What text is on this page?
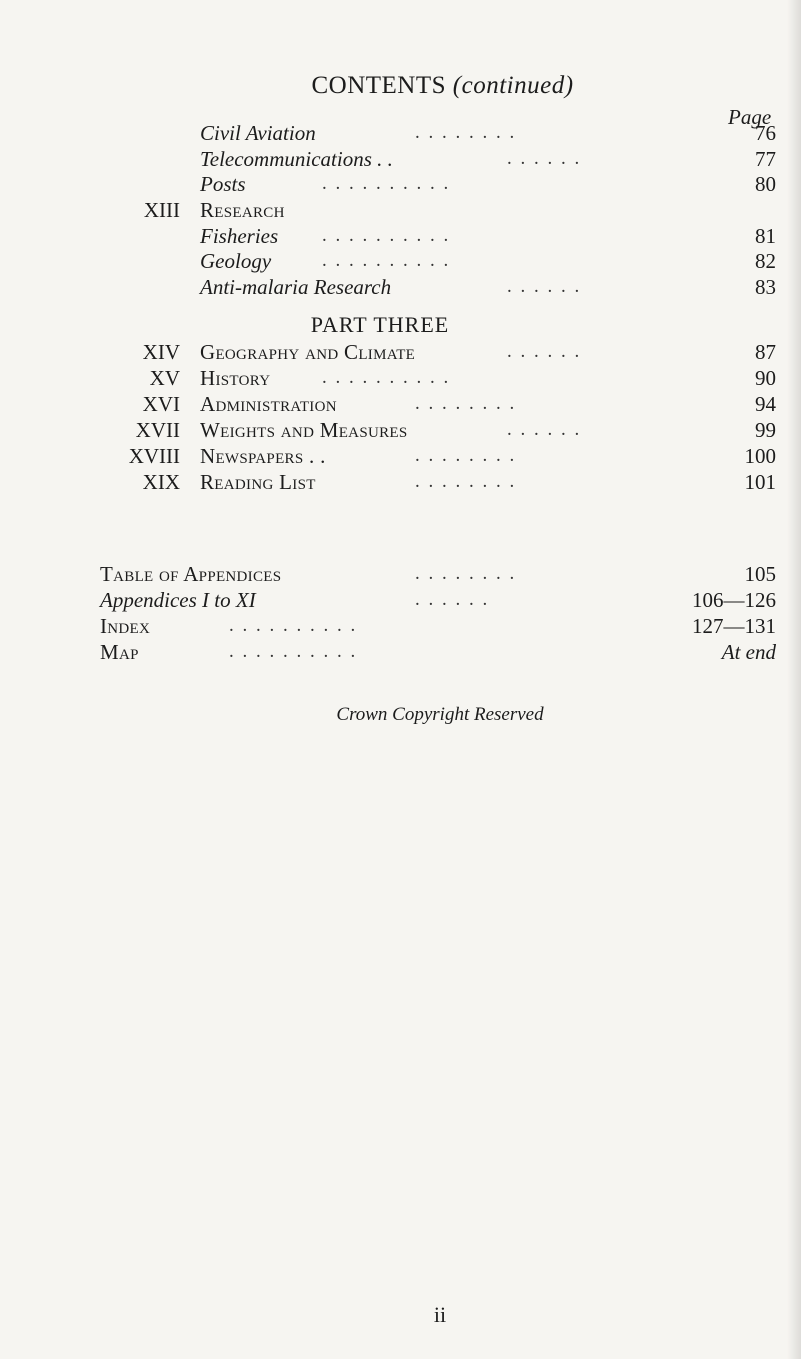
CONTENTS (continued)
Page
Civil Aviation	. . . . . . . .	76
Telecommunications . .	. . . . . .	77
Posts	. . . . . . . . . .	80
XIII Research
Fisheries . . . . . . . . . .	81
Geology	. . . . . . . . . .	82
Anti-malaria Research	. . . . . .	83
PART THREE
XIV Geography and Climate	. . . . . .	87
XV History	. . . . . . . . . .	90
XVI Administration	. . . . . . . .	94
XVII Weights and Measures	. . . . . .	99
XVIII Newspapers . .	. . . . . . . .	100
XIX Reading List	. . . . . . . .	101
Table of Appendices	. . . . . . . .	105
Appendices I to XI	. . . . . .	106—126
Index	. . . . . . . . . .	127—131
Map	. . . . . . . . . .	At end
Crown Copyright Reserved
ii
